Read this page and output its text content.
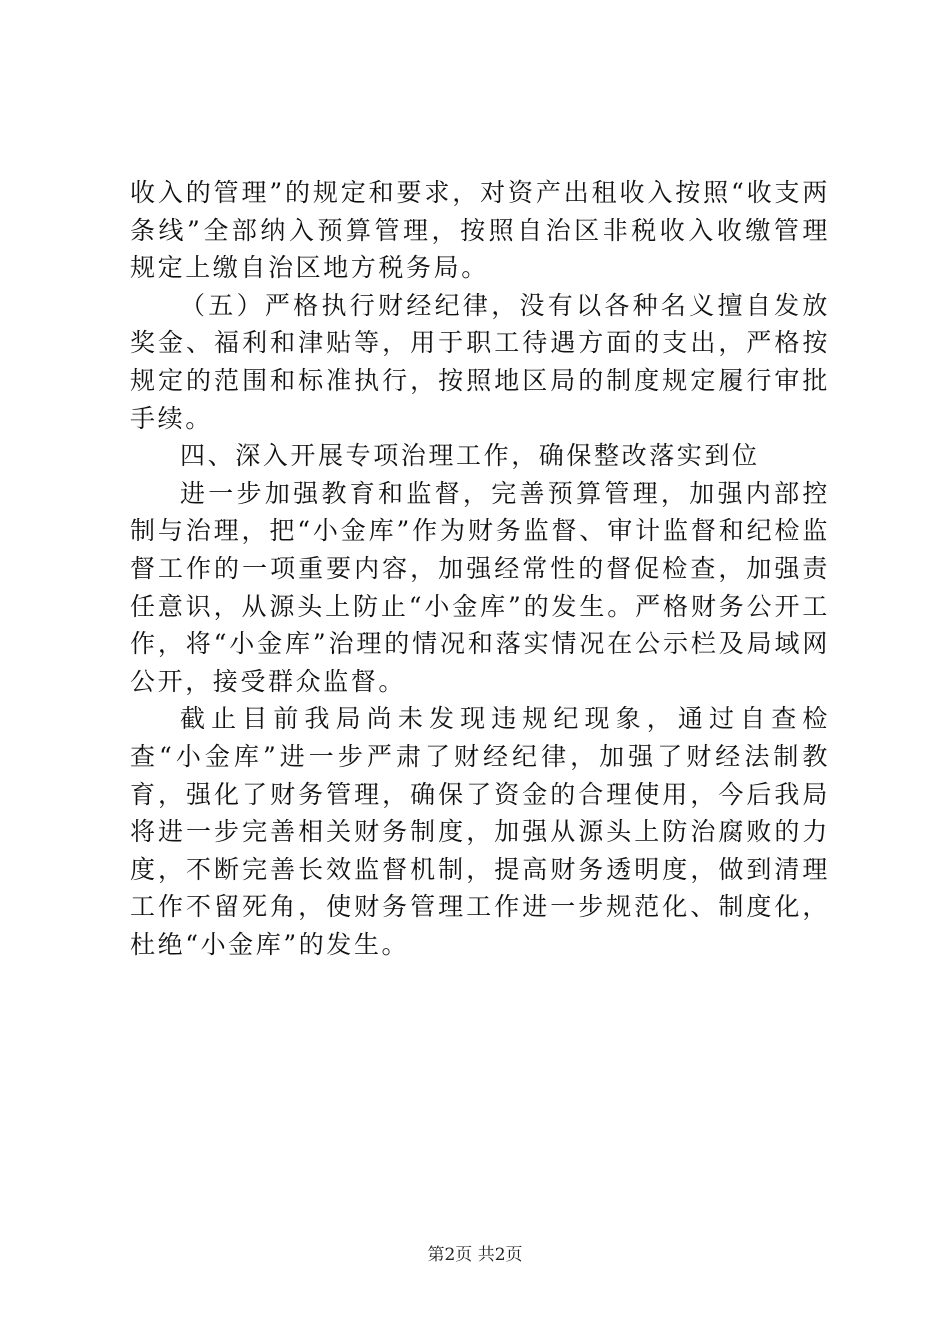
收入的管理”的规定和要求，对资产出租收入按照“收支两条线”全部纳入预算管理，按照自治区非税收入收缴管理规定上缴自治区地方税务局。

（五）严格执行财经纪律，没有以各种名义擅自发放奖金、福利和津贴等，用于职工待遇方面的支出，严格按规定的范围和标准执行，按照地区局的制度规定履行审批手续。

四、深入开展专项治理工作，确保整改落实到位

进一步加强教育和监督，完善预算管理，加强内部控制与治理，把“小金库”作为财务监督、审计监督和纪检监督工作的一项重要内容，加强经常性的督促检查，加强责任意识，从源头上防止“小金库”的发生。严格财务公开工作，将“小金库”治理的情况和落实情况在公示栏及局域网公开，接受群众监督。

截止目前我局尚未发现违规纪现象，通过自查检查“小金库”进一步严肃了财经纪律，加强了财经法制教育，强化了财务管理，确保了资金的合理使用，今后我局将进一步完善相关财务制度，加强从源头上防治腐败的力度，不断完善长效监督机制，提高财务透明度，做到清理工作不留死角，使财务管理工作进一步规范化、制度化，杜绝“小金库”的发生。

第2页 共2页
